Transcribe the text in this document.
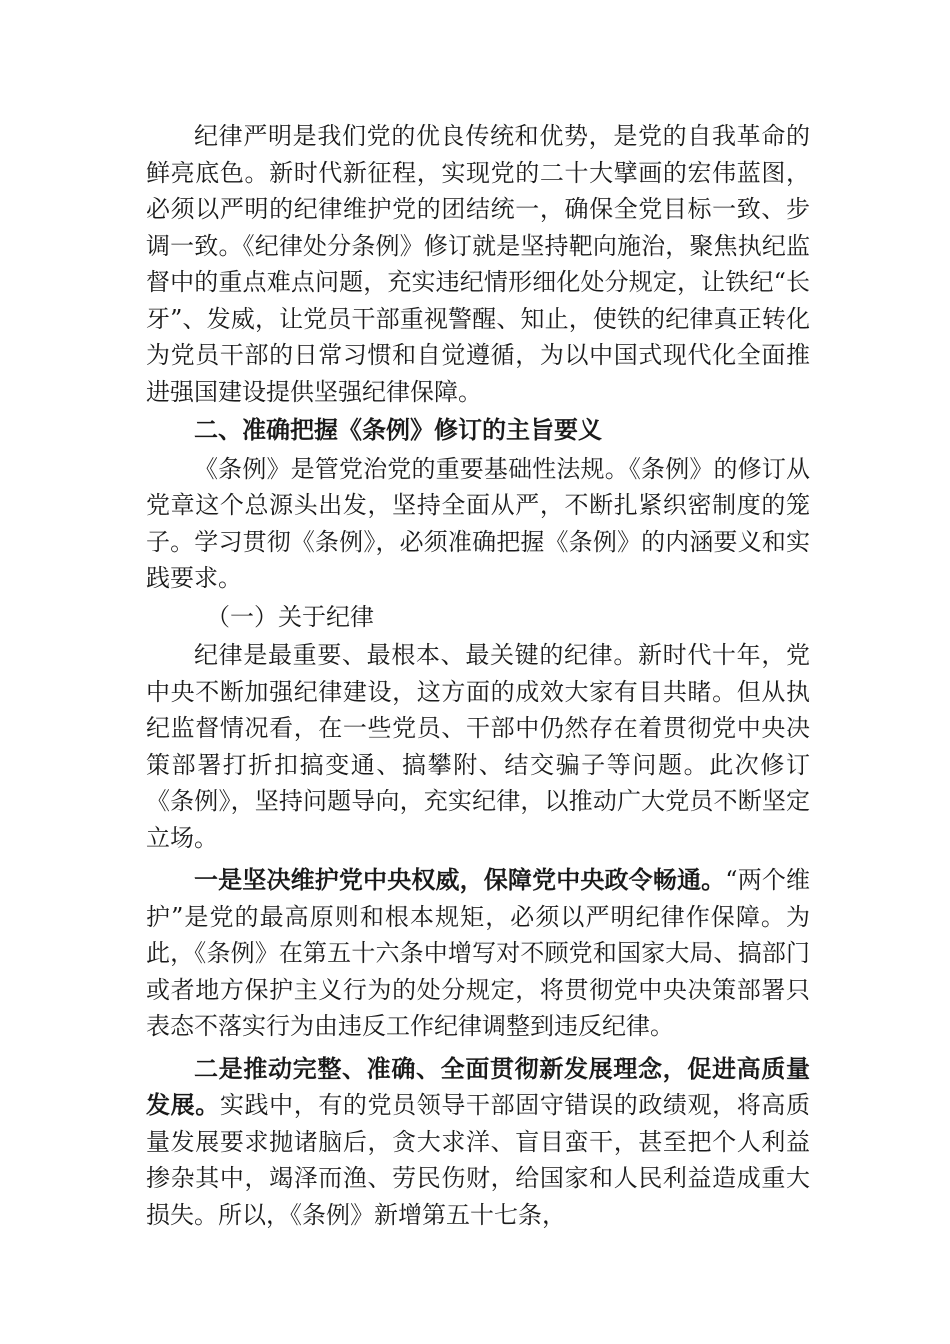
纪律严明是我们党的优良传统和优势，是党的自我革命的鲜亮底色。新时代新征程，实现党的二十大擘画的宏伟蓝图，必须以严明的纪律维护党的团结统一，确保全党目标一致、步调一致。《纪律处分条例》修订就是坚持靶向施治，聚焦执纪监督中的重点难点问题，充实违纪情形细化处分规定，让铁纪“长牙”、发威，让党员干部重视警醒、知止，使铁的纪律真正转化为党员干部的日常习惯和自觉遵循，为以中国式现代化全面推进强国建设提供坚强纪律保障。

二、准确把握《条例》修订的主旨要义

《条例》是管党治党的重要基础性法规。《条例》的修订从党章这个总源头出发，坚持全面从严，不断扎紧织密制度的笼子。学习贯彻《条例》，必须准确把握《条例》的内涵要义和实践要求。

（一）关于纪律

纪律是最重要、最根本、最关键的纪律。新时代十年，党中央不断加强纪律建设，这方面的成效大家有目共睹。但从执纪监督情况看，在一些党员、干部中仍然存在着贯彻党中央决策部署打折扣搞变通、搞攀附、结交骗子等问题。此次修订《条例》，坚持问题导向，充实纪律，以推动广大党员不断坚定立场。

一是坚决维护党中央权威，保障党中央政令畅通。“两个维护”是党的最高原则和根本规矩，必须以严明纪律作保障。为此，《条例》在第五十六条中增写对不顾党和国家大局、搞部门或者地方保护主义行为的处分规定，将贯彻党中央决策部署只表态不落实行为由违反工作纪律调整到违反纪律。

二是推动完整、准确、全面贯彻新发展理念，促进高质量发展。实践中，有的党员领导干部固守错误的政绩观，将高质量发展要求抛诸脑后，贪大求洋、盲目蛮干，甚至把个人利益掺杂其中，竭泽而渔、劳民伤财，给国家和人民利益造成重大损失。所以，《条例》新增第五十七条，
